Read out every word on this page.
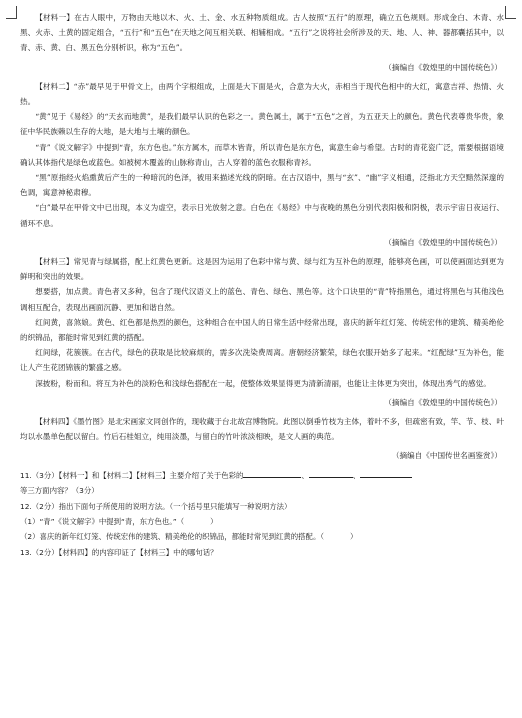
【材料一】在古人眼中，万物由天地以木、火、土、金、水五种物质组成。古人按照“五行”的原理，确立五色规则。形成金白、木青、水黑、火赤、土黄的固定组合，“五行”和“五色”在天地之间互相关联、相辅相成。“五行”之说将社会所涉及的天、地、人、神、器都囊括其中，以青、赤、黄、白、黑五色分别析识，称为“五色”。

（摘编自《敦煌里的中国传统色》）

【材料二】“赤”最早见于甲骨文上，由两个字根组成，上面是大下面是火，合意为大火，赤相当于现代色相中的大红，寓意吉祥、热情、火热。

“黄”见于《易经》的“天玄而地黄”，是我们最早认识的色彩之一。黄色属土，属于“五色”之首，为五亚天上的颜色。黄色代表尊贵华贵，象征中华民族赖以生存的大地，是大地与土壤的颜色。

“青”《说文解字》中提到“青，东方色也。”东方属木，而草木皆青，所以青色是东方色，寓意生命与希望。古时的青花瓷广泛，需要根据语境确认其体指代是绿色或蓝色。如被树木覆盖的山脉称青山，古人穿着的蓝色衣服称青衫。

“黑”原指经火焰熏黄后产生的一种暗沉的色泽，被用来描述光线的阴暗。在古汉语中，黑与“玄”、“幽”字义相通，泛指北方天空黯然深邃的色调，寓意神秘肃穆。

“白”最早在甲骨文中已出现，本义为虚空，表示日光放射之意。白色在《易经》中与夜晚的黑色分别代表阳极和阴极，表示宇宙日夜运行、循环不息。

（摘编自《敦煌里的中国传统色》）

【材料三】常见青与绿属搭，配上红黄色更新。这是因为运用了色彩中常与黄、绿与红为互补色的原理，能够亮色画，可以使画面达到更为鲜明和突出的效果。

想要搭，加点黄。青色者又多种，包含了现代汉语义上的蓝色、青色、绿色、黑色等。这个口诀里的“青”特指黑色，通过将黑色与其他浅色调相互配合，表现出画面沉静、更加和谐自然。

红间黄，喜煞娘。黄色、红色都是热烈的颜色，这种组合在中国人的日常生活中经常出现，喜庆的新年红灯笼、传统宏伟的建筑、精美绝伦的织锦品，都能时常见到红黄的搭配。

红间绿，花簇簇。在古代，绿色的获取是比较麻烦的，需多次洗染费周离。唐朝经济繁荣，绿色衣服开始多了起来。“红配绿”互为补色，能让人产生花团锦簇的繁盛之感。

深披粉，粉而和。将互为补色的淡粉色和浅绿色搭配在一起，使整体效果显得更为清新清丽，也能让主体更为突出，体现出秀气的感觉。

（摘编自《敦煌里的中国传统色》）

【材料四】《墨竹图》是北宋画家文同创作的，现收藏于台北故宫博物院。此图以倒垂竹枝为主体，着叶不多，但疏密有致，竿、节、枝、叶均以水墨单色配以留白。竹后石桂姐立，纯用淡墨，与留白的竹叶浓淡相映，是文人画的典范。

（摘编自《中国传世名画鉴赏》）

11.（3分）【材料一】和【材料二】【材料三】主要介绍了关于色彩的	、	、

等三方面内容？（3分）

12.（2分）指出下面句子所使用的说明方法。（一个括号里只能填写一种说明方法）

（1）“青”《说文解字》中提到“青，东方色也。”（	）

（2）喜庆的新年红灯笼、传统宏伟的建筑、精美绝伦的织锦品，都能时常见到红黄的搭配。（	）

13.（2分）【材料四】的内容印证了【材料三】中的哪句话？
